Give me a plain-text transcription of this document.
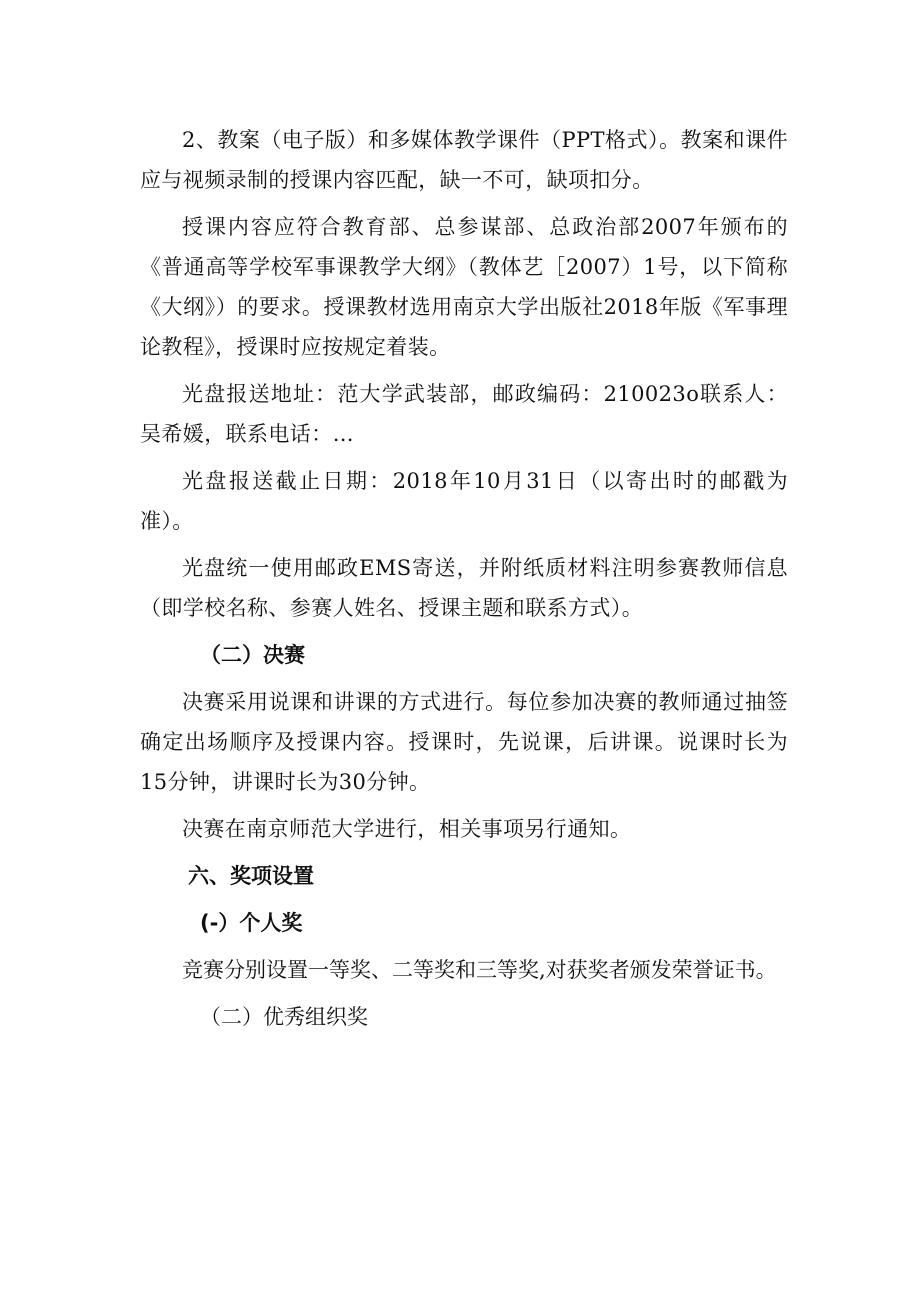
2、教案（电子版）和多媒体教学课件（PPT格式）。教案和课件应与视频录制的授课内容匹配，缺一不可，缺项扣分。

授课内容应符合教育部、总参谋部、总政治部2007年颁布的《普通高等学校军事课教学大纲》（教体艺［2007）1号，以下简称《大纲》）的要求。授课教材选用南京大学出版社2018年版《军事理论教程》，授课时应按规定着装。

光盘报送地址：范大学武装部，邮政编码：210023o联系人：吴希媛，联系电话：…

光盘报送截止日期：2018年10月31日（以寄出时的邮戳为准）。

光盘统一使用邮政EMS寄送，并附纸质材料注明参赛教师信息（即学校名称、参赛人姓名、授课主题和联系方式）。

（二）决赛

决赛采用说课和讲课的方式进行。每位参加决赛的教师通过抽签确定出场顺序及授课内容。授课时，先说课，后讲课。说课时长为15分钟，讲课时长为30分钟。

决赛在南京师范大学进行，相关事项另行通知。

六、奖项设置
(-）个人奖

竞赛分别设置一等奖、二等奖和三等奖,对获奖者颁发荣誉证书。

（二）优秀组织奖
